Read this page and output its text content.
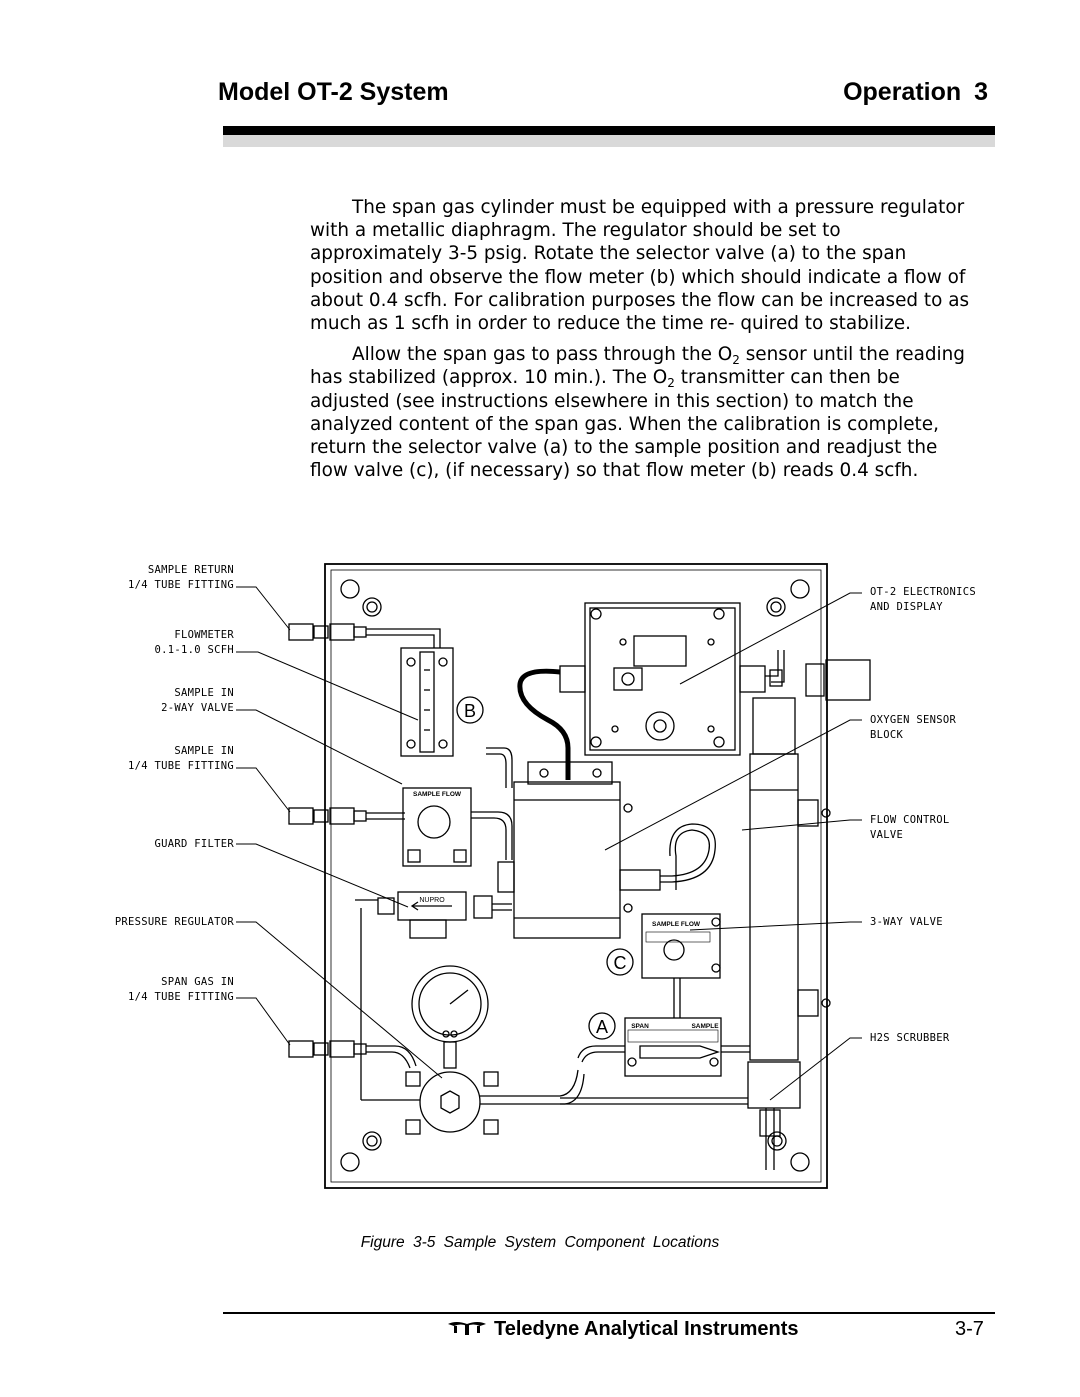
Model OT-2 System	Operation 3

The span gas cylinder must be equipped with a pressure regulator with a metallic diaphragm. The regulator should be set to approximately 3-5 psig. Rotate the selector valve (a) to the span position and observe the flow meter (b) which should indicate a flow of about 0.4 scfh. For calibration purposes the flow can be increased to as much as 1 scfh in order to reduce the time re- quired to stabilize.

Allow the span gas to pass through the $O_2$ sensor until the reading has stabilized (approx. 10 min.). The $O_2$ transmitter can then be adjusted (see instructions elsewhere in this section) to match the analyzed content of the span gas. When the calibration is complete, return the selector valve (a) to the sample position and readjust the flow valve (c), (if necessary) so that flow meter (b) reads 0.4 scfh.

B
C
A
SAMPLE FLOW
SAMPLE FLOW
NUPRO
SPAN	SAMPLE
SAMPLE RETURN
1/4 TUBE FITTING
FLOWMETER
0.1-1.0 SCFH
SAMPLE IN
2-WAY VALVE
SAMPLE IN
1/4 TUBE FITTING
GUARD FILTER
PRESSURE REGULATOR
SPAN GAS IN
1/4 TUBE FITTING
OT-2 ELECTRONICS
AND DISPLAY
OXYGEN SENSOR
BLOCK
FLOW CONTROL
VALVE
3-WAY VALVE
H2S SCRUBBER
Figure 3-5 Sample System Component Locations
Teledyne Analytical Instruments	3-7
